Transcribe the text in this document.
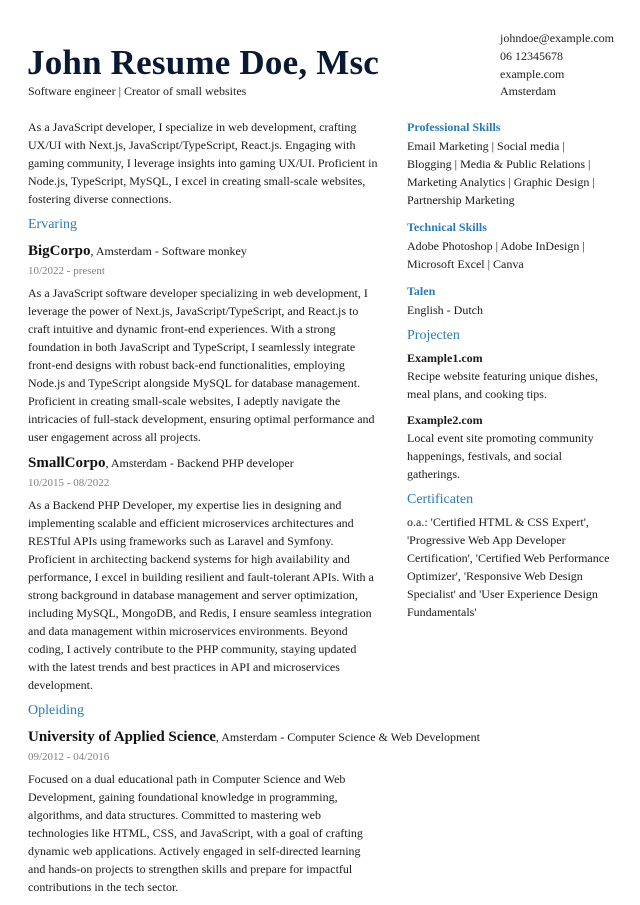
John Resume Doe, Msc
Software engineer | Creator of small websites
johndoe@example.com
06 12345678
example.com
Amsterdam

As a JavaScript developer, I specialize in web development, crafting UX/UI with Next.js, JavaScript/TypeScript, React.js. Engaging with gaming community, I leverage insights into gaming UX/UI. Proficient in Node.js, TypeScript, MySQL, I excel in creating small-scale websites, fostering diverse connections.

Ervaring
BigCorpo, Amsterdam - Software monkey
10/2022 - present

As a JavaScript software developer specializing in web development, I leverage the power of Next.js, JavaScript/TypeScript, and React.js to craft intuitive and dynamic front-end experiences. With a strong foundation in both JavaScript and TypeScript, I seamlessly integrate front-end designs with robust back-end functionalities, employing Node.js and TypeScript alongside MySQL for database management. Proficient in creating small-scale websites, I adeptly navigate the intricacies of full-stack development, ensuring optimal performance and user engagement across all projects.

SmallCorpo, Amsterdam - Backend PHP developer
10/2015 - 08/2022

As a Backend PHP Developer, my expertise lies in designing and implementing scalable and efficient microservices architectures and RESTful APIs using frameworks such as Laravel and Symfony. Proficient in architecting backend systems for high availability and performance, I excel in building resilient and fault-tolerant APIs. With a strong background in database management and server optimization, including MySQL, MongoDB, and Redis, I ensure seamless integration and data management within microservices environments. Beyond coding, I actively contribute to the PHP community, staying updated with the latest trends and best practices in API and microservices development.

Opleiding
University of Applied Science, Amsterdam - Computer Science & Web Development
09/2012 - 04/2016

Focused on a dual educational path in Computer Science and Web Development, gaining foundational knowledge in programming, algorithms, and data structures. Committed to mastering web technologies like HTML, CSS, and JavaScript, with a goal of crafting dynamic web applications. Actively engaged in self-directed learning and hands-on projects to strengthen skills and prepare for impactful contributions in the tech sector.

Professional Skills

Email Marketing | Social media | Blogging | Media & Public Relations | Marketing Analytics | Graphic Design | Partnership Marketing

Technical Skills

Adobe Photoshop | Adobe InDesign | Microsoft Excel | Canva

Talen

English - Dutch

Projecten
Example1.com

Recipe website featuring unique dishes, meal plans, and cooking tips.

Example2.com

Local event site promoting community happenings, festivals, and social gatherings.

Certificaten

o.a.: 'Certified HTML & CSS Expert', 'Progressive Web App Developer Certification', 'Certified Web Performance Optimizer', 'Responsive Web Design Specialist' and 'User Experience Design Fundamentals'
